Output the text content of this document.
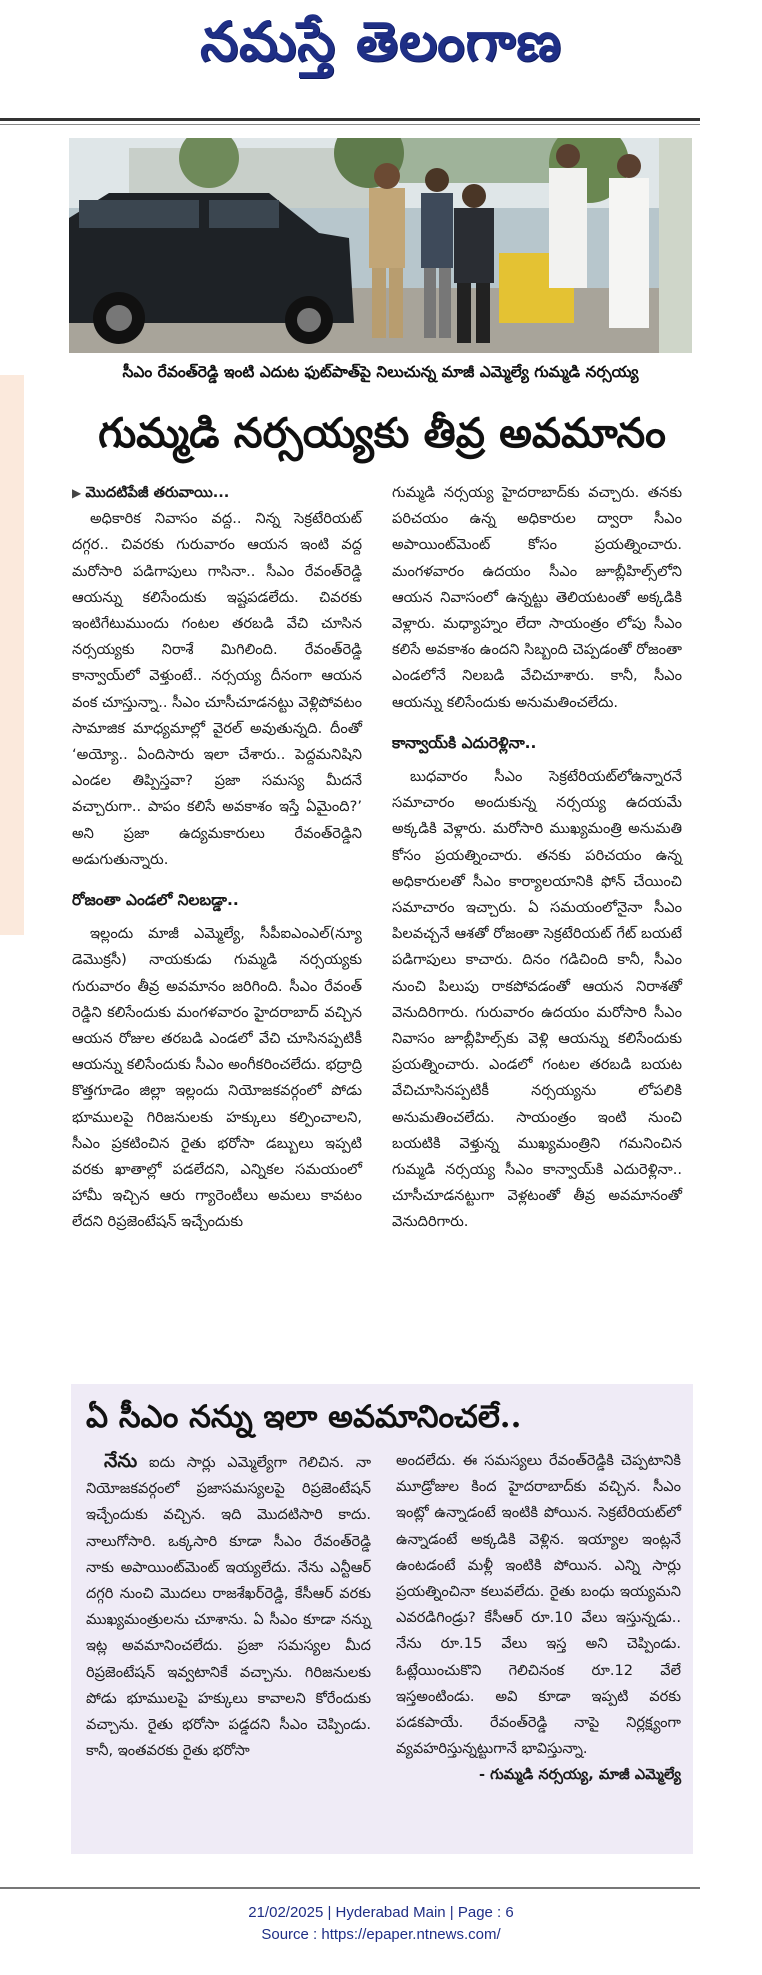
నమస్తే తెలంగాణ
సీఎం రేవంత్‌రెడ్డి ఇంటి ఎదుట ఫుట్‌పాత్‌పై నిలుచున్న మాజీ ఎమ్మెల్యే గుమ్మడి నర్సయ్య
గుమ్మడి నర్సయ్యకు తీవ్ర అవమానం

▶ మొదటిపేజీ తరువాయి...

అధికారిక నివాసం వద్ద.. నిన్న సెక్రటేరియట్‌ దగ్గర.. చివరకు గురువారం ఆయన ఇంటి వద్ద మరోసారి పడిగాపులు గాసినా.. సీఎం రేవంత్‌రెడ్డి ఆయన్ను కలిసేందుకు ఇష్టపడలేదు. చివరకు ఇంటిగేటుముందు గంటల తరబడి వేచి చూసిన నర్సయ్యకు నిరాశే మిగిలింది. రేవంత్‌రెడ్డి కాన్వాయ్‌లో వెళ్తుంటే.. నర్సయ్య దీనంగా ఆయన వంక చూస్తున్నా.. సీఎం చూసీచూడనట్టు వెళ్లిపోవటం సామాజిక మాధ్యమాల్లో వైరల్‌ అవుతున్నది. దీంతో ‘అయ్యో.. ఏందిసారు ఇలా చేశారు.. పెద్దమనిషిని ఎండల తిప్పిస్తవా? ప్రజా సమస్య మీదనే వచ్చారుగా.. పాపం కలిసే అవకాశం ఇస్తే ఏమైంది?’ అని ప్రజా ఉద్యమకారులు రేవంత్‌రెడ్డిని అడుగుతున్నారు.

రోజంతా ఎండలో నిలబడ్డా..

ఇల్లందు మాజీ ఎమ్మెల్యే, సీపీఐఎంఎల్‌(న్యూ డెమొక్రసీ) నాయకుడు గుమ్మడి నర్సయ్యకు గురువారం తీవ్ర అవమానం జరిగింది. సీఎం రేవంత్‌ రెడ్డిని కలిసేందుకు మంగళవారం హైదరాబాద్‌ వచ్చిన ఆయన రోజుల తరబడి ఎండలో వేచి చూసినప్పటికీ ఆయన్ను కలిసేందుకు సీఎం అంగీకరించలేదు. భద్రాద్రి కొత్తగూడెం జిల్లా ఇల్లందు నియోజకవర్గంలో పోడు భూములపై గిరిజనులకు హక్కులు కల్పించాలని, సీఎం ప్రకటించిన రైతు భరోసా డబ్బులు ఇప్పటి వరకు ఖాతాల్లో పడలేదని, ఎన్నికల సమయంలో హామీ ఇచ్చిన ఆరు గ్యారెంటీలు అమలు కావటం లేదని రిప్రజెంటేషన్‌ ఇచ్చేందుకు

గుమ్మడి నర్సయ్య హైదరాబాద్‌కు వచ్చారు. తనకు పరిచయం ఉన్న అధికారుల ద్వారా సీఎం అపాయింట్‌మెంట్‌ కోసం ప్రయత్నించారు. మంగళవారం ఉదయం సీఎం జూబ్లీహిల్స్‌లోని ఆయన నివాసంలో ఉన్నట్టు తెలియటంతో అక్కడికి వెళ్లారు. మధ్యాహ్నం లేదా సాయంత్రం లోపు సీఎం కలిసే అవకాశం ఉందని సిబ్బంది చెప్పడంతో రోజంతా ఎండలోనే నిలబడి వేచిచూశారు. కానీ, సీఎం ఆయన్ను కలిసేందుకు అనుమతించలేదు.

కాన్వాయ్‌కి ఎదురెళ్లినా..

బుధవారం సీఎం సెక్రటేరియట్‌లోఉన్నారనే సమాచారం అందుకున్న నర్సయ్య ఉదయమే అక్కడికి వెళ్లారు. మరోసారి ముఖ్యమంత్రి అనుమతి కోసం ప్రయత్నించారు. తనకు పరిచయం ఉన్న అధికారులతో సీఎం కార్యాలయానికి ఫోన్‌ చేయించి సమాచారం ఇచ్చారు. ఏ సమయంలోనైనా సీఎం పిలవచ్చనే ఆశతో రోజంతా సెక్రటేరియట్‌ గేట్‌ బయటే పడిగాపులు కాచారు. దినం గడిచింది కానీ, సీఎం నుంచి పిలుపు రాకపోవడంతో ఆయన నిరాశతో వెనుదిరిగారు. గురువారం ఉదయం మరోసారి సీఎం నివాసం జూబ్లీహిల్స్‌కు వెళ్లి ఆయన్ను కలిసేందుకు ప్రయత్నించారు. ఎండలో గంటల తరబడి బయట వేచిచూసినప్పటికీ నర్సయ్యను లోపలికి అనుమతించలేదు. సాయంత్రం ఇంటి నుంచి బయటికి వెళ్తున్న ముఖ్యమంత్రిని గమనించిన గుమ్మడి నర్సయ్య సీఎం కాన్వాయ్‌కి ఎదురెళ్లినా.. చూసీచూడనట్టుగా వెళ్లటంతో తీవ్ర అవమానంతో వెనుదిరిగారు.

ఏ సీఎం నన్ను ఇలా అవమానించలే..

నేను ఐదు సార్లు ఎమ్మెల్యేగా గెలిచిన. నా నియోజకవర్గంలో ప్రజాసమస్యలపై రిప్రజెంటేషన్‌ ఇచ్చేందుకు వచ్చిన. ఇది మొదటిసారి కాదు. నాలుగోసారి. ఒక్కసారి కూడా సీఎం రేవంత్‌రెడ్డి నాకు అపాయింట్‌మెంట్‌ ఇయ్యలేదు. నేను ఎన్టీఆర్‌ దగ్గరి నుంచి మొదలు రాజశేఖర్‌రెడ్డి, కేసీఆర్‌ వరకు ముఖ్యమంత్రులను చూశాను. ఏ సీఎం కూడా నన్ను ఇట్ల అవమానించలేదు. ప్రజా సమస్యల మీద రిప్రజెంటేషన్‌ ఇవ్వటానికే వచ్చాను. గిరిజనులకు పోడు భూములపై హక్కులు కావాలని కోరేందుకు వచ్చాను. రైతు భరోసా పడ్డదని సీఎం చెప్పిండు. కానీ, ఇంతవరకు రైతు భరోసా

అందలేదు. ఈ సమస్యలు రేవంత్‌రెడ్డికి చెప్పటానికి మూడ్రోజుల కింద హైదరాబాద్‌కు వచ్చిన. సీఎం ఇంట్లో ఉన్నాడంటే ఇంటికి పోయిన. సెక్రటేరియట్‌లో ఉన్నాడంటే అక్కడికి వెళ్లిన. ఇయ్యాల ఇంట్లనే ఉంటడంటే మళ్లీ ఇంటికి పోయిన. ఎన్ని సార్లు ప్రయత్నించినా కలువలేదు. రైతు బంధు ఇయ్యమని ఎవరడిగిండ్రు? కేసీఆర్‌ రూ.10 వేలు ఇస్తున్నడు.. నేను రూ.15 వేలు ఇస్త అని చెప్పిండు. ఓట్లేయించుకొని గెలిచినంక రూ.12 వేలే ఇస్తఅంటిండు. అవి కూడా ఇప్పటి వరకు పడకపాయే. రేవంత్‌రెడ్డి నాపై నిర్లక్ష్యంగా వ్యవహరిస్తున్నట్టుగానే భావిస్తున్నా.

- గుమ్మడి నర్సయ్య, మాజీ ఎమ్మెల్యే

21/02/2025 | Hyderabad Main | Page : 6
Source : https://epaper.ntnews.com/
